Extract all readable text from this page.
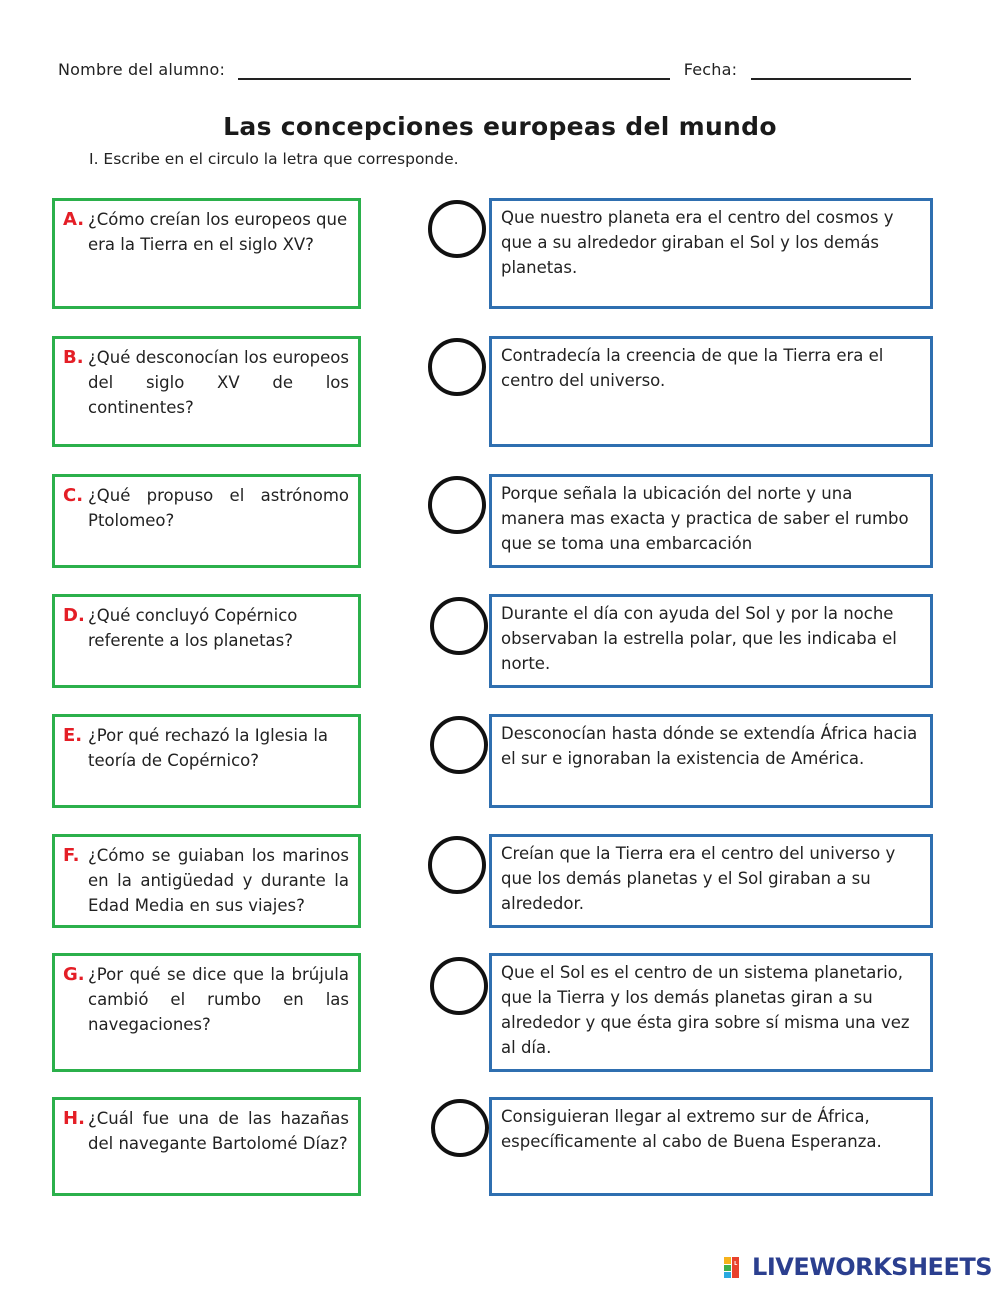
Nombre del alumno:	Fecha:
Las concepciones europeas del mundo
I. Escribe en el circulo la letra que corresponde.
A. ¿Cómo creían los europeos que era la Tierra en el siglo XV?
B. ¿Qué desconocían los europeos del siglo XV de los continentes?
C. ¿Qué propuso el astrónomo Ptolomeo?
D. ¿Qué concluyó Copérnico referente a los planetas?
E. ¿Por qué rechazó la Iglesia la teoría de Copérnico?
F. ¿Cómo se guiaban los marinos en la antigüedad y durante la Edad Media en sus viajes?
G. ¿Por qué se dice que la brújula cambió el rumbo en las navegaciones?
H. ¿Cuál fue una de las hazañas del navegante Bartolomé Díaz?
Que nuestro planeta era el centro del cosmos y que a su alrededor giraban el Sol y los demás planetas.
Contradecía la creencia de que la Tierra era el centro del universo.
Porque señala la ubicación del norte y una manera mas exacta y practica de saber el rumbo que se toma una embarcación
Durante el día con ayuda del Sol y por la noche observaban la estrella polar, que les indicaba el norte.
Desconocían hasta dónde se extendía África hacia el sur e ignoraban la existencia de América.
Creían que la Tierra era el centro del universo y que los demás planetas y el Sol giraban a su alrededor.
Que el Sol es el centro de un sistema planetario, que la Tierra y los demás planetas giran a su alrededor y que ésta gira sobre sí misma una vez al día.
Consiguieran llegar al extremo sur de África, específicamente al cabo de Buena Esperanza.
L LIVEWORKSHEETS
